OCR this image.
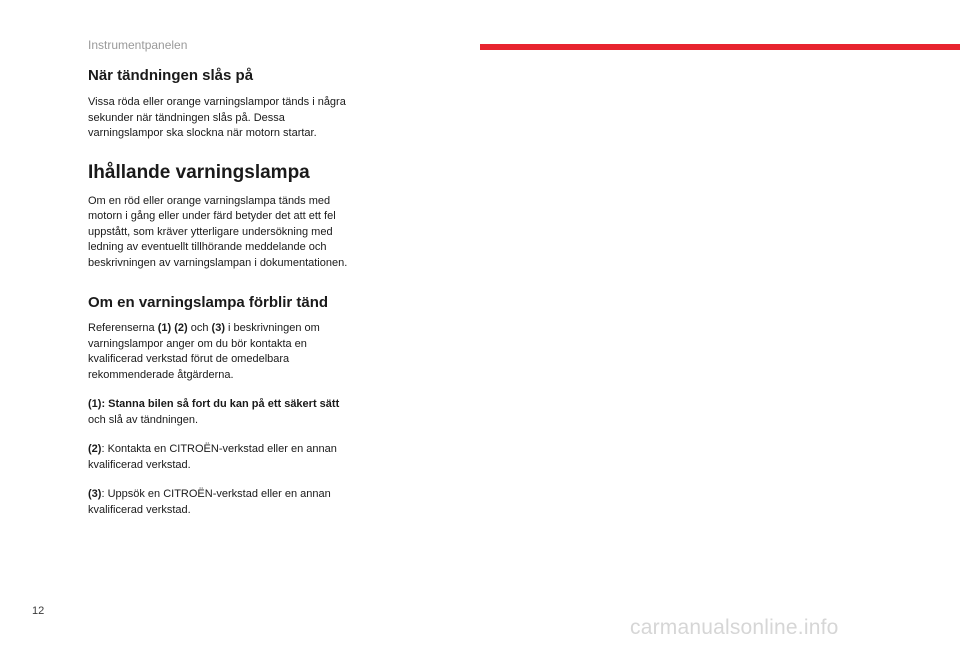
Instrumentpanelen
När tändningen slås på

Vissa röda eller orange varningslampor tänds i några sekunder när tändningen slås på. Dessa varningslampor ska slockna när motorn startar.

Ihållande varningslampa

Om en röd eller orange varningslampa tänds med motorn i gång eller under färd betyder det att ett fel uppstått, som kräver ytterligare undersökning med ledning av eventuellt tillhörande meddelande och beskrivningen av varningslampan i dokumentationen.

Om en varningslampa förblir tänd

Referenserna (1) (2) och (3) i beskrivningen om varningslampor anger om du bör kontakta en kvalificerad verkstad förut de omedelbara rekommenderade åtgärderna.

(1): Stanna bilen så fort du kan på ett säkert sätt och slå av tändningen.

(2): Kontakta en CITROËN-verkstad eller en annan kvalificerad verkstad.

(3): Uppsök en CITROËN-verkstad eller en annan kvalificerad verkstad.

12
carmanualsonline.info
